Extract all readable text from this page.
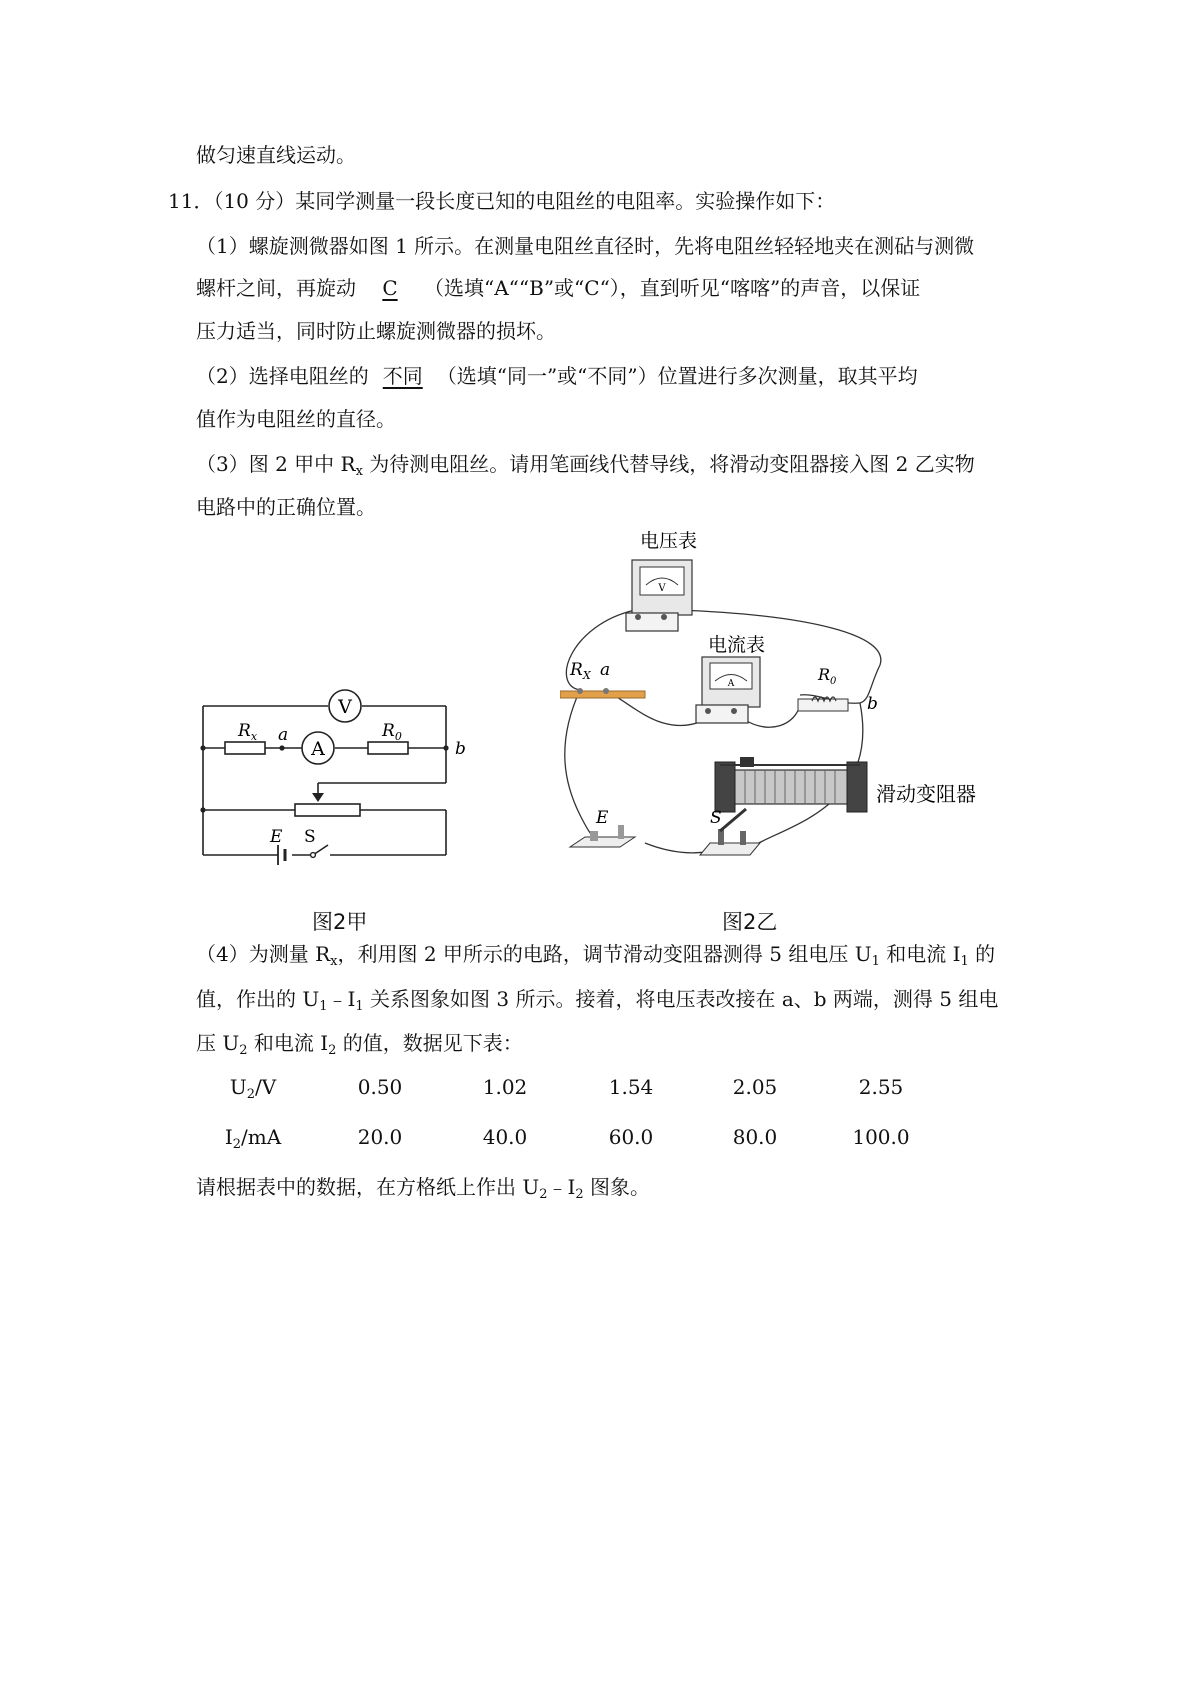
做匀速直线运动。
11．（10 分）某同学测量一段长度已知的电阻丝的电阻率。实验操作如下：
（1）螺旋测微器如图 1 所示。在测量电阻丝直径时，先将电阻丝轻轻地夹在测砧与测微
螺杆之间，再旋动 C （选填“A““B”或“C“），直到听见“喀喀”的声音，以保证
压力适当，同时防止螺旋测微器的损坏。
（2）选择电阻丝的 不同 （选填“同一”或“不同”）位置进行多次测量，取其平均
值作为电阻丝的直径。
（3）图 2 甲中 $R_x$ 为待测电阻丝。请用笔画线代替导线，将滑动变阻器接入图 2 乙实物
电路中的正确位置。
V
$R_x$ a
A
$R_0$
b
E S
V
电压表
A
电流表
$R_X$ a	$R_0$
b
滑动变阻器
E	S
图2甲	图2乙
（4）为测量 $R_x$，利用图 2 甲所示的电路，调节滑动变阻器测得 5 组电压 $U_1$ 和电流 $I_1$ 的
值，作出的 $U_1﹣I_1$ 关系图象如图 3 所示。接着，将电压表改接在 a、b 两端，测得 5 组电
压 $U_2$ 和电流 $I_2$ 的值，数据见下表：
$U_2/V$	0.50	1.02	1.54	2.05	2.55
$I_2/mA$	20.0	40.0	60.0	80.0	100.0
请根据表中的数据，在方格纸上作出 $U_2﹣I_2$ 图象。
